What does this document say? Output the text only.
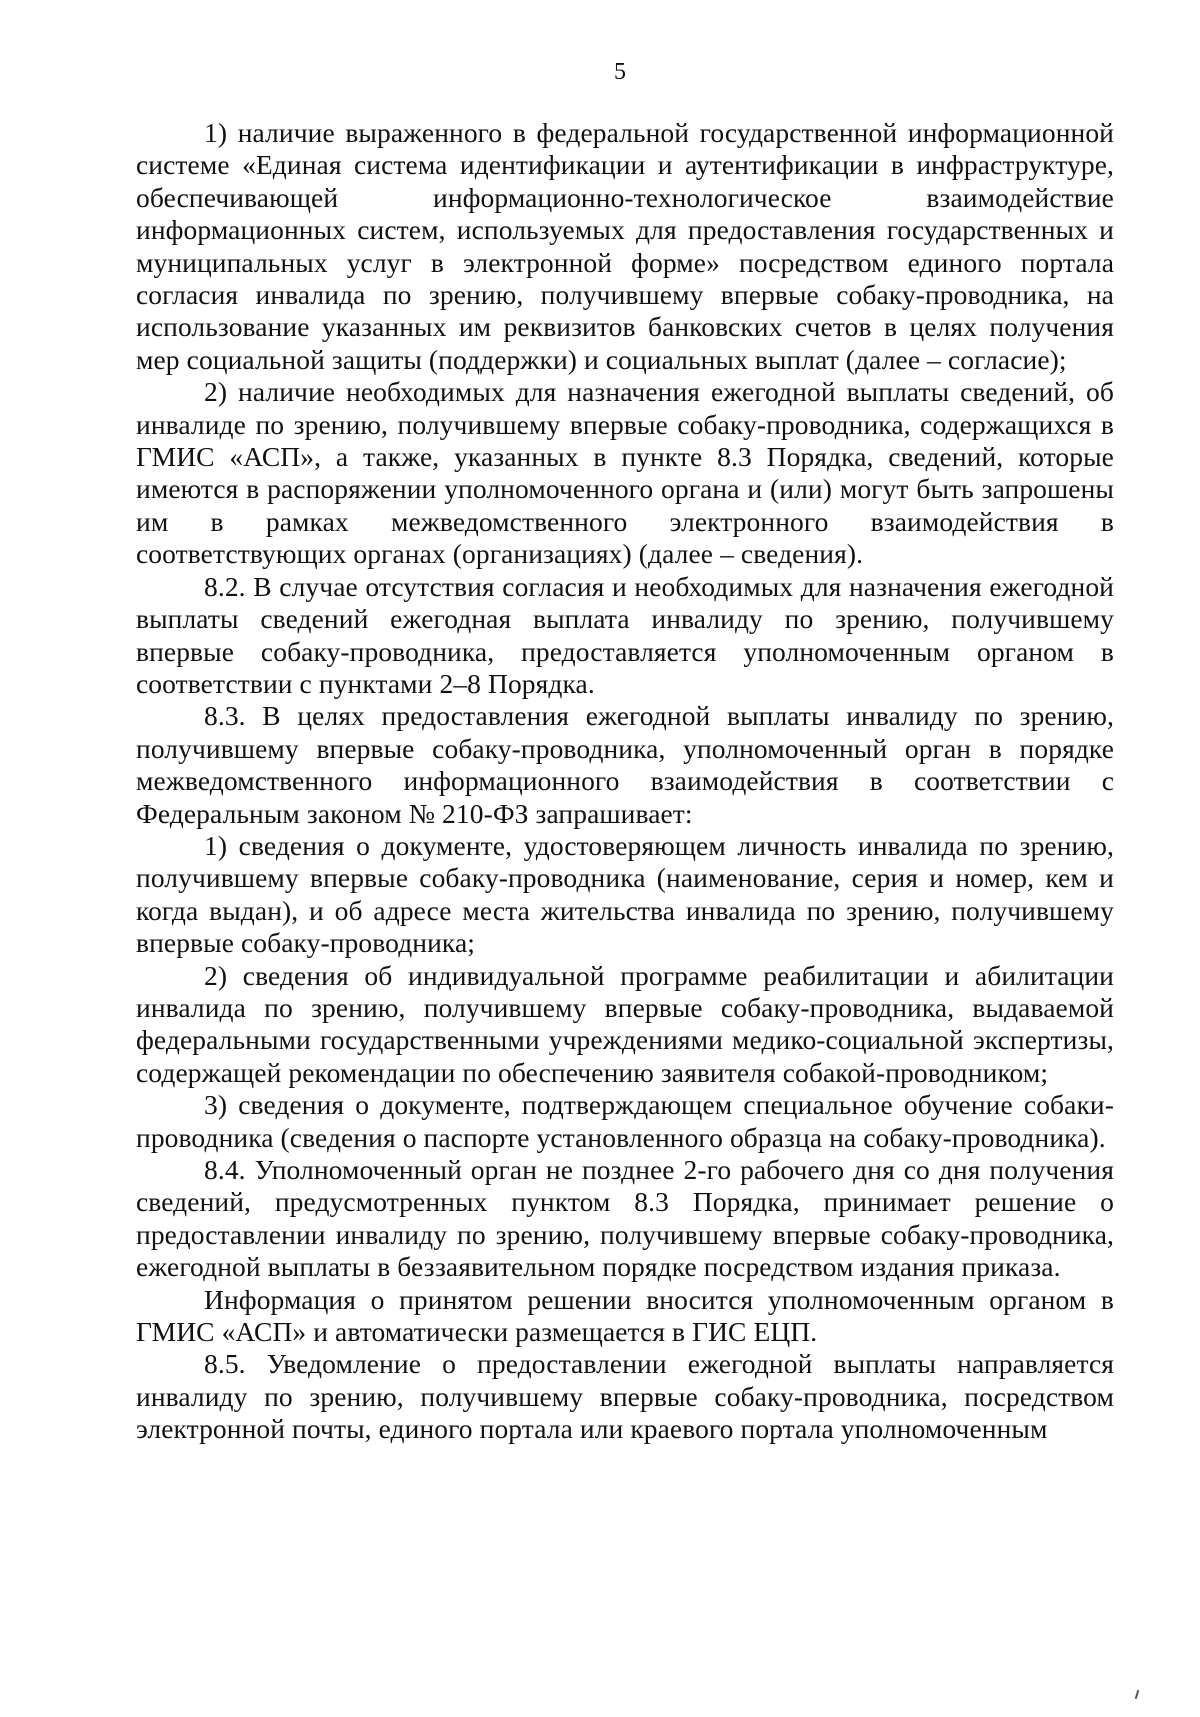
5

1) наличие выраженного в федеральной государственной информационной системе «Единая система идентификации и аутентификации в инфраструктуре, обеспечивающей информационно-технологическое взаимодействие информационных систем, используемых для предоставления государственных и муниципальных услуг в электронной форме» посредством единого портала согласия инвалида по зрению, получившему впервые собаку-проводника, на использование указанных им реквизитов банковских счетов в целях получения мер социальной защиты (поддержки) и социальных выплат (далее – согласие);

2) наличие необходимых для назначения ежегодной выплаты сведений, об инвалиде по зрению, получившему впервые собаку-проводника, содержащихся в ГМИС «АСП», а также, указанных в пункте 8.3 Порядка, сведений, которые имеются в распоряжении уполномоченного органа и (или) могут быть запрошены им в рамках межведомственного электронного взаимодействия в соответствующих органах (организациях) (далее – сведения).

8.2. В случае отсутствия согласия и необходимых для назначения ежегодной выплаты сведений ежегодная выплата инвалиду по зрению, получившему впервые собаку-проводника, предоставляется уполномоченным органом в соответствии с пунктами 2–8 Порядка.

8.3. В целях предоставления ежегодной выплаты инвалиду по зрению, получившему впервые собаку-проводника, уполномоченный орган в порядке межведомственного информационного взаимодействия в соответствии с Федеральным законом № 210-ФЗ запрашивает:

1) сведения о документе, удостоверяющем личность инвалида по зрению, получившему впервые собаку-проводника (наименование, серия и номер, кем и когда выдан), и об адресе места жительства инвалида по зрению, получившему впервые собаку-проводника;

2) сведения об индивидуальной программе реабилитации и абилитации инвалида по зрению, получившему впервые собаку-проводника, выдаваемой федеральными государственными учреждениями медико-социальной экспертизы, содержащей рекомендации по обеспечению заявителя собакой-проводником;

3) сведения о документе, подтверждающем специальное обучение собаки-проводника (сведения о паспорте установленного образца на собаку-проводника).

8.4. Уполномоченный орган не позднее 2-го рабочего дня со дня получения сведений, предусмотренных пунктом 8.3 Порядка, принимает решение о предоставлении инвалиду по зрению, получившему впервые собаку-проводника, ежегодной выплаты в беззаявительном порядке посредством издания приказа.

Информация о принятом решении вносится уполномоченным органом в ГМИС «АСП» и автоматически размещается в ГИС ЕЦП.

8.5. Уведомление о предоставлении ежегодной выплаты направляется инвалиду по зрению, получившему впервые собаку-проводника, посредством электронной почты, единого портала или краевого портала уполномоченным
